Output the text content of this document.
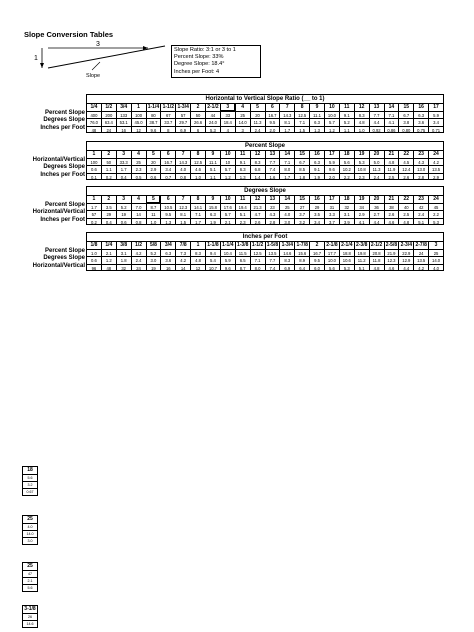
Slope Conversion Tables
3
1
Slope
Slope Ratio: 3:1 or 3 to 1
Percent Slope: 33%
Degree Slope: 18.4°
Inches per Foot: 4
Percent Slope
Degrees Slope
Inches per Foot
Horizontal to Vertical Slope Ratio (__ to 1)
1/4	1/2	3/4	1	1-1/4 1-1/2 1-3/4	2	2-1/2	3	4	5	6	7	8	9	10	11	12	13	14	15	16	17
400	200	133	100	80	67	57	50	44	33	25	20	16.7	14.3	12.5	11.1	10.0	9.1	8.3	7.7	7.1	6.7	6.3	5.9
76.0	63.4	53.1	45.0	38.7	33.7	29.7	26.6	24.0	18.4	14.0	11.3	9.5	8.1	7.1	6.3	5.7	5.2	4.8	4.4	4.1	3.8	3.6	3.4
48	24	16	12	9.6	8	6.9	6	5.3	4	3	2.4	2.0	1.7	1.5	1.3	1.2	1.1	1.0	0.92	0.86	0.80	0.75	0.71
Horizontal/Vertical
Degrees Slope
Inches per Foot
Percent Slope
1	2	3	4	5	6	7	8	9	10	11	12	13	14	15	16	17	18	19	20	21	22	23	24
100	50	33.3	25	20	16.7	14.3	12.5	11.1	10	9.1	8.3	7.7	7.1	6.7	6.3	5.9	5.6	5.3	5.0	4.8	4.5	4.3	4.2
0.6	1.1	1.7	2.3	2.9	3.4	4.0	4.6	5.1	5.7	6.3	6.8	7.4	8.0	8.5	9.1	9.6	10.2	10.8	11.3	11.9	12.4	13.0	13.5
0.1	0.2	0.4	0.5	0.6	0.7	0.8	1.0	1.1	1.2	1.3	1.4	1.6	1.7	1.8	1.9	2.0	2.2	2.3	2.4	2.5	2.6	2.8	2.9
Percent Slope
Horizontal/Vertical
Inches per Foot
Degrees Slope
1	2	3	4	5	6	7	8	9	10	11	12	13	14	15	16	17	18	19	20	21	22	23	24
1.7	3.5	5.2	7.0	8.7	10.5	12.3	14.1	15.8	17.6	19.4	21.3	23	25	27	29	31	32	34	36	38	40	42	45
57	29	19	14	11	9.5	8.1	7.1	6.3	5.7	5.1	4.7	4.3	4.0	3.7	3.5	3.3	3.1	2.9	2.7	2.6	2.5	2.4	2.2
0.2	0.4	0.6	0.8	1.0	1.3	1.5	1.7	1.9	2.1	2.3	2.6	2.8	3.0	3.2	3.4	3.7	3.9	4.1	4.4	4.6	4.8	5.1	5.3
Percent Slope
Degrees Slope
Horizontal/Vertical
Inches per Foot
1/8	1/4	3/8	1/2	5/8	3/4	7/8	1	1-1/8 1-1/4 1-3/8 1-1/2 1-5/8 1-3/4 1-7/8	2	2-1/8 2-1/4 2-3/8 2-1/2 2-5/8 2-3/4 2-7/8	3
1.0	2.1	3.1	4.2	5.2	6.3	7.3	8.3	9.4	10.4	11.5	12.5	13.5	14.6	15.6	16.7	17.7	18.8	19.8	20.8	21.9	22.9	24	25
0.6	1.2	1.8	2.4	3.0	3.6	4.2	4.8	5.4	5.9	6.5	7.1	7.7	8.3	8.9	9.5	10.0	10.6	11.2	11.8	12.3	12.9	13.5	14.0
96	48	32	24	19	16	14	12	10.7	9.6	8.7	8.0	7.4	6.9	6.4	6.0	5.6	5.3	5.1	4.8	4.6	4.4	4.2	4.0
18
5.6
3.2
0.67
25
4.0
14.0
3.0
25
47
2.1
5.6
3-1/8
26
14.6
